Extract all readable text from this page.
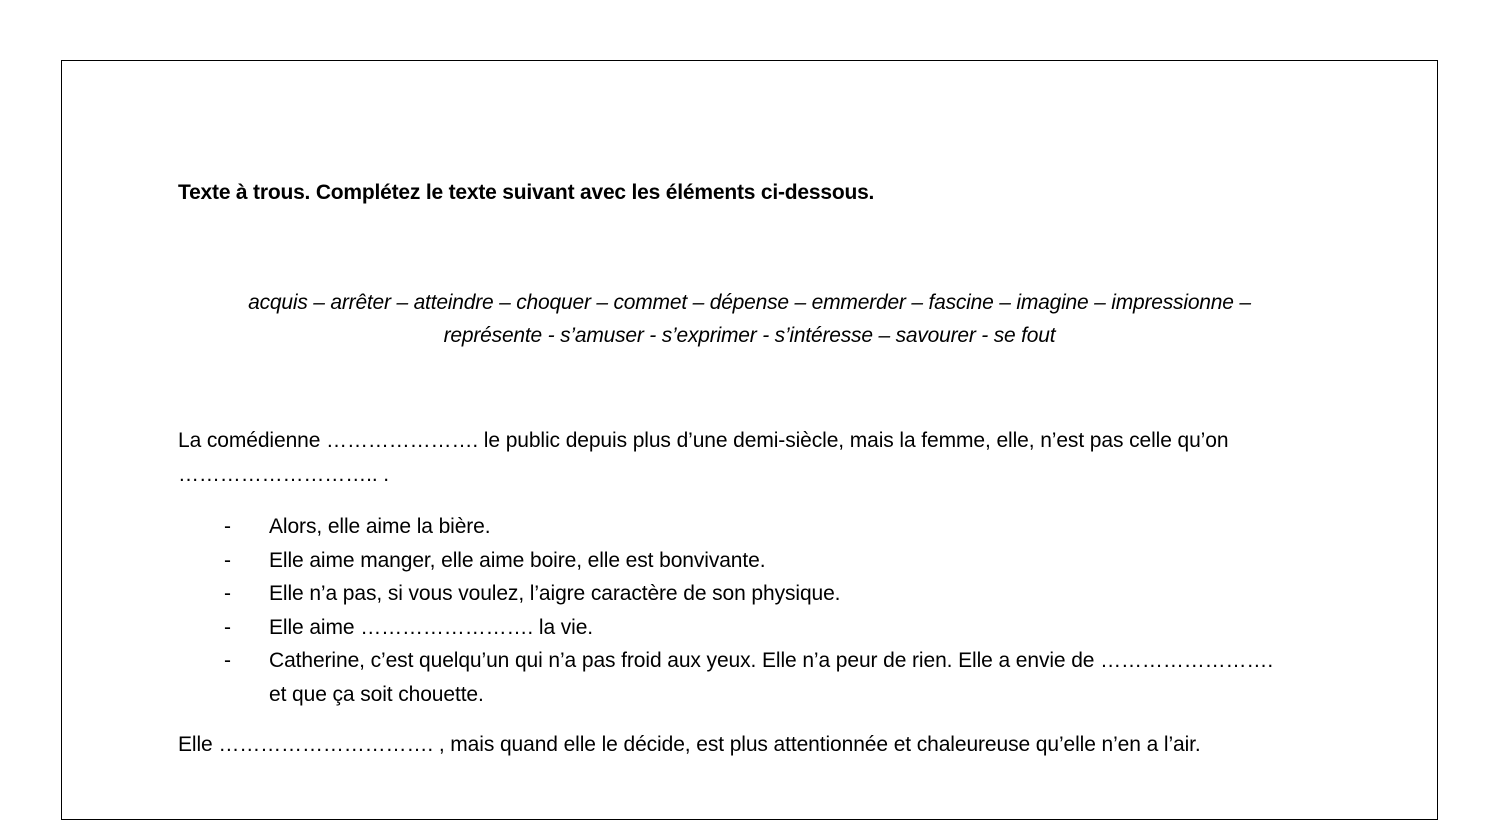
Texte à trous. Complétez le texte suivant avec les éléments ci-dessous.
acquis – arrêter – atteindre – choquer – commet – dépense – emmerder – fascine – imagine – impressionne –
représente - s’amuser - s’exprimer - s’intéresse – savourer - se fout
La comédienne …………………. le public depuis plus d’une demi-siècle, mais la femme, elle, n’est pas celle qu’on
……………………….. .
- Alors, elle aime la bière.
- Elle aime manger, elle aime boire, elle est bonvivante.
- Elle n’a pas, si vous voulez, l’aigre caractère de son physique.
- Elle aime ……………………. la vie.
- Catherine, c’est quelqu’un qui n’a pas froid aux yeux. Elle n’a peur de rien. Elle a envie de …………………….
et que ça soit chouette.
Elle …………………………. , mais quand elle le décide, est plus attentionnée et chaleureuse qu’elle n’en a l’air.
